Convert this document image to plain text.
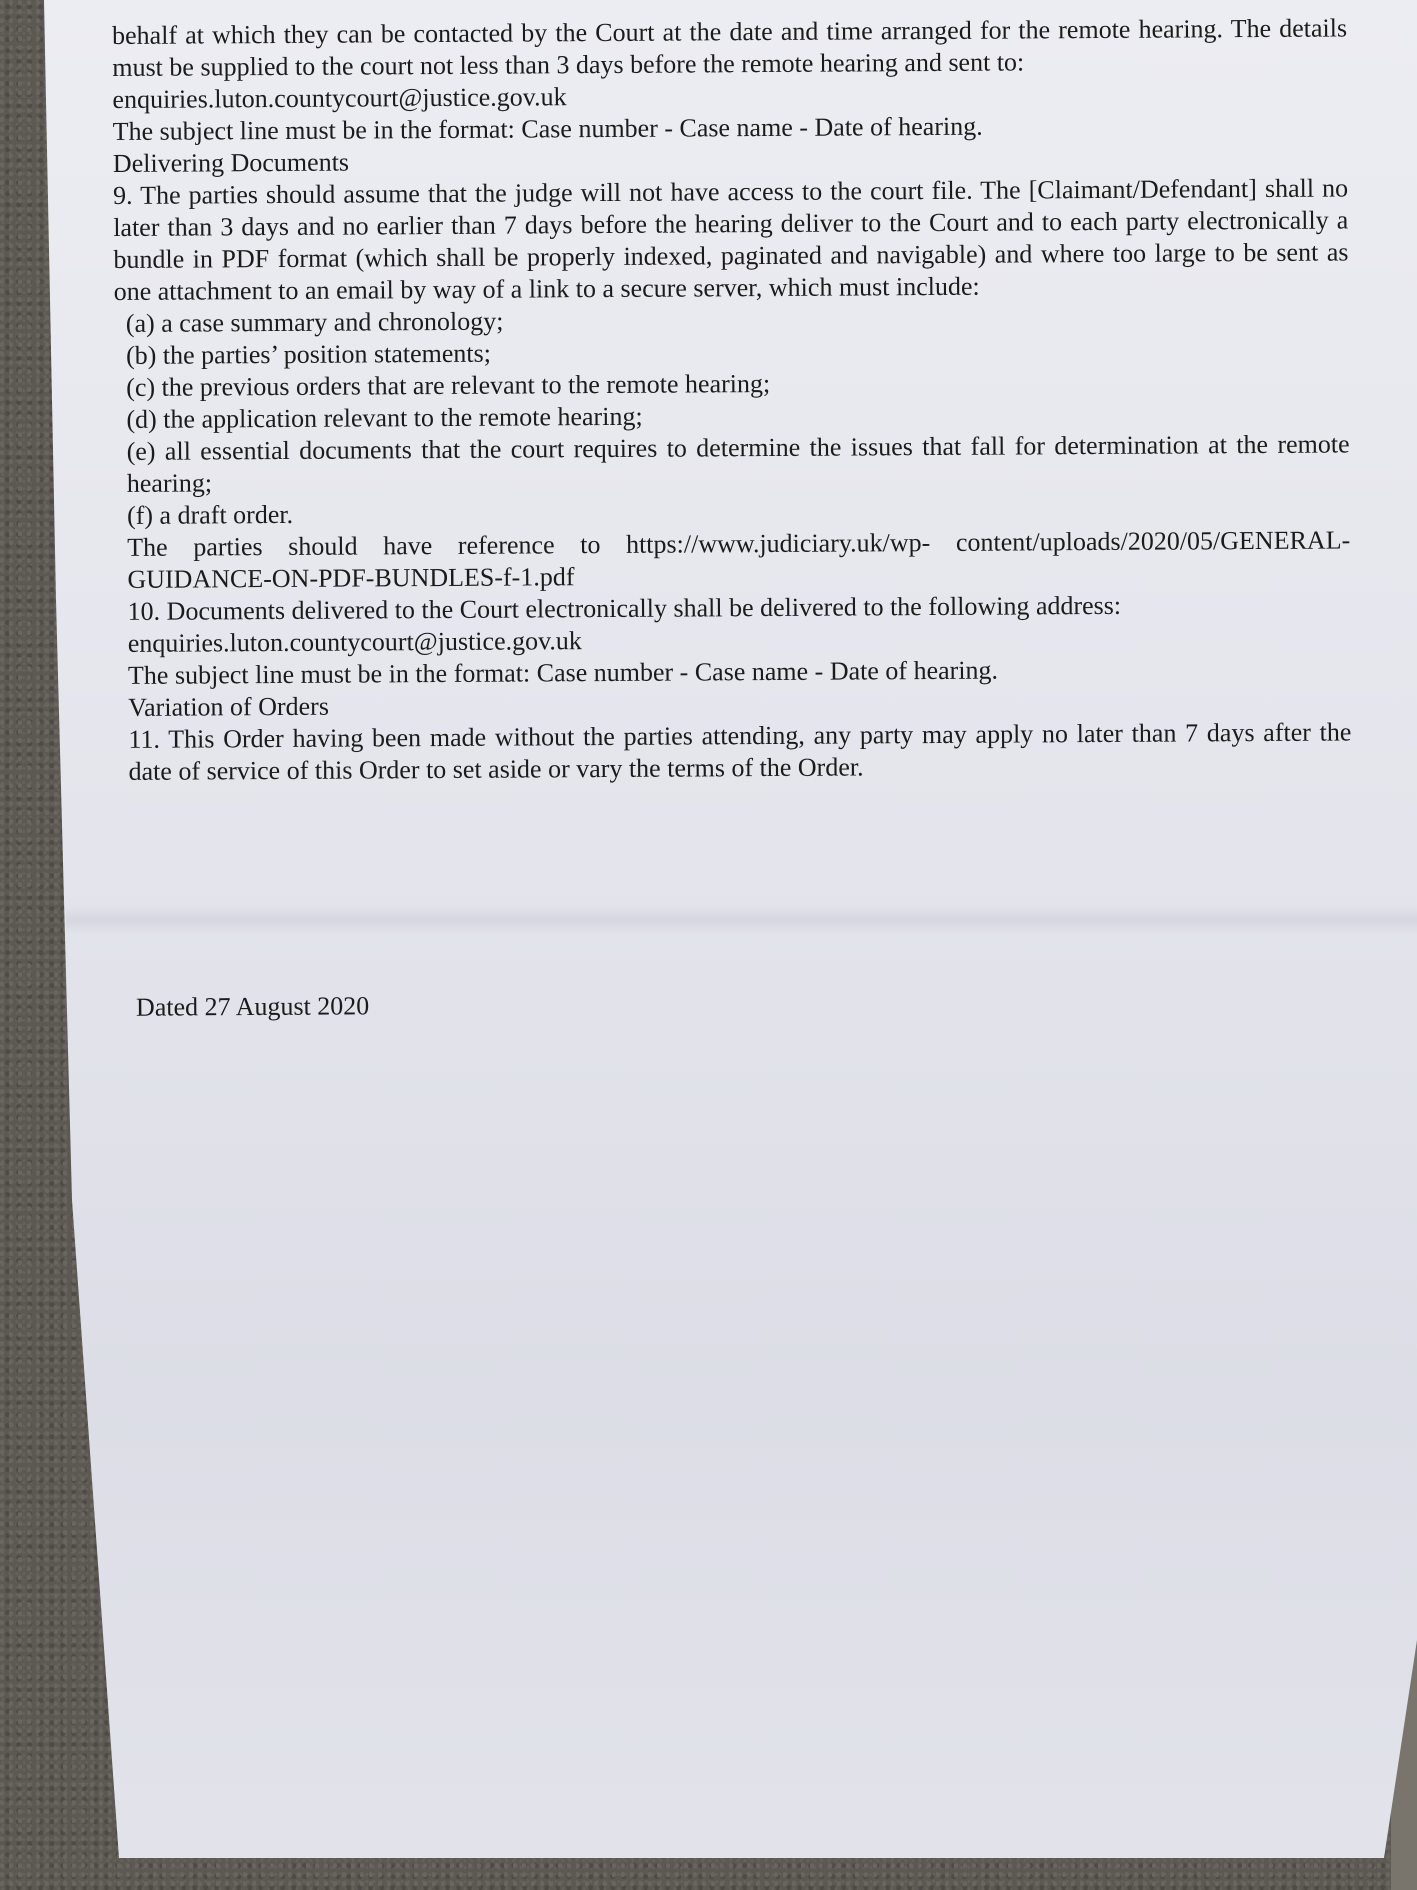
behalf at which they can be contacted by the Court at the date and time arranged for the remote hearing. The details must be supplied to the court not less than 3 days before the remote hearing and sent to:

enquiries.luton.countycourt@justice.gov.uk

The subject line must be in the format: Case number - Case name - Date of hearing.

Delivering Documents

9. The parties should assume that the judge will not have access to the court file. The [Claimant/Defendant] shall no later than 3 days and no earlier than 7 days before the hearing deliver to the Court and to each party electronically a bundle in PDF format (which shall be properly indexed, paginated and navigable) and where too large to be sent as one attachment to an email by way of a link to a secure server, which must include:

(a) a case summary and chronology;

(b) the parties’ position statements;

(c) the previous orders that are relevant to the remote hearing;

(d) the application relevant to the remote hearing;

(e) all essential documents that the court requires to determine the issues that fall for determination at the remote hearing;

(f) a draft order.

The parties should have reference to https://www.judiciary.uk/wp- content/uploads/2020/05/GENERAL-

GUIDANCE-ON-PDF-BUNDLES-f-1.pdf

10. Documents delivered to the Court electronically shall be delivered to the following address:

enquiries.luton.countycourt@justice.gov.uk

The subject line must be in the format: Case number - Case name - Date of hearing.

Variation of Orders

11. This Order having been made without the parties attending, any party may apply no later than 7 days after the date of service of this Order to set aside or vary the terms of the Order.

Dated 27 August 2020
